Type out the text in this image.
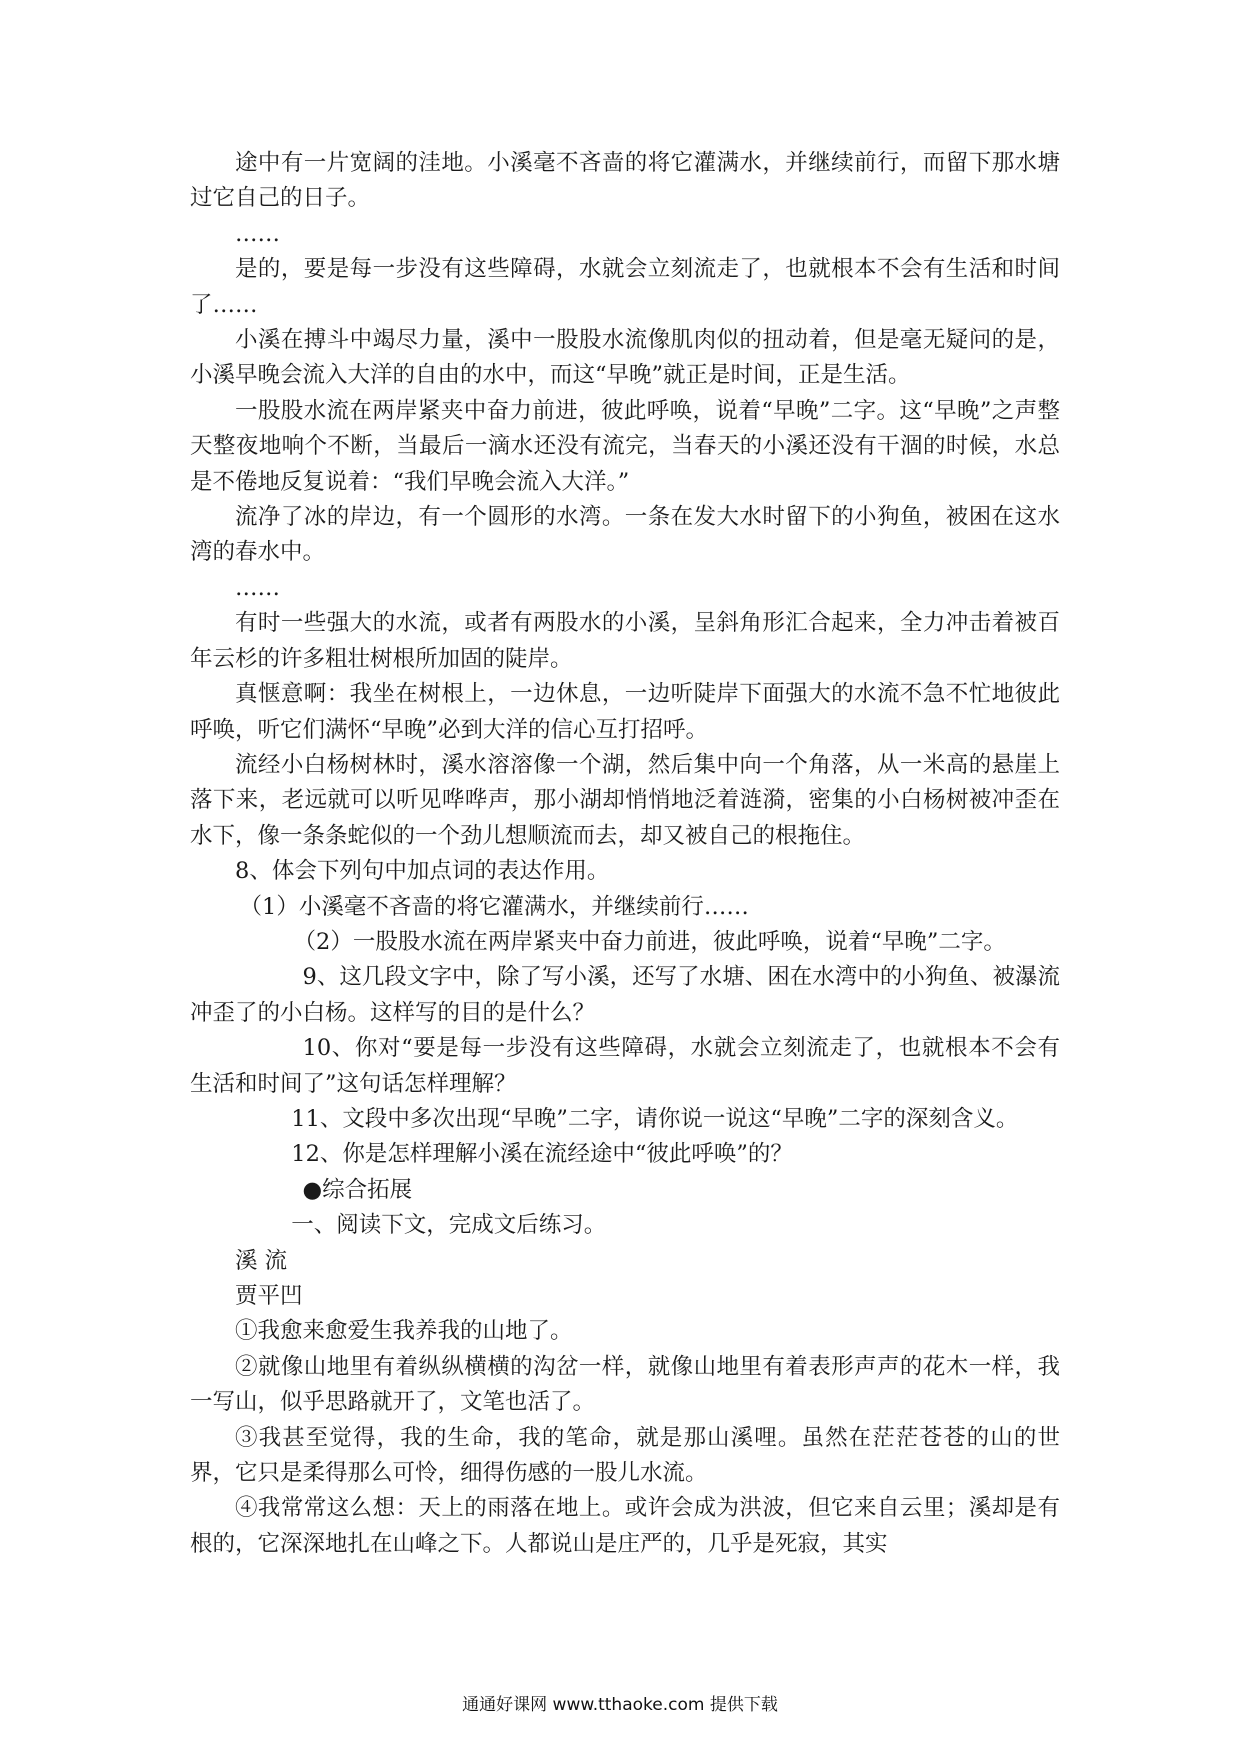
途中有一片宽阔的洼地。小溪毫不吝啬的将它灌满水，并继续前行，而留下那水塘过它自己的日子。

……

是的，要是每一步没有这些障碍，水就会立刻流走了，也就根本不会有生活和时间了……

小溪在搏斗中竭尽力量，溪中一股股水流像肌肉似的扭动着，但是毫无疑问的是，小溪早晚会流入大洋的自由的水中，而这“早晚”就正是时间，正是生活。

一股股水流在两岸紧夹中奋力前进，彼此呼唤，说着“早晚”二字。这“早晚”之声整天整夜地响个不断，当最后一滴水还没有流完，当春天的小溪还没有干涸的时候，水总是不倦地反复说着：“我们早晚会流入大洋。”

流净了冰的岸边，有一个圆形的水湾。一条在发大水时留下的小狗鱼，被困在这水湾的春水中。

……

有时一些强大的水流，或者有两股水的小溪，呈斜角形汇合起来，全力冲击着被百年云杉的许多粗壮树根所加固的陡岸。

真惬意啊：我坐在树根上，一边休息，一边听陡岸下面强大的水流不急不忙地彼此呼唤，听它们满怀“早晚”必到大洋的信心互打招呼。

流经小白杨树林时，溪水溶溶像一个湖，然后集中向一个角落，从一米高的悬崖上落下来，老远就可以听见哗哗声，那小湖却悄悄地泛着涟漪，密集的小白杨树被冲歪在水下，像一条条蛇似的一个劲儿想顺流而去，却又被自己的根拖住。

8、体会下列句中加点词的表达作用。

（1）小溪毫不吝啬的将它灌满水，并继续前行……

（2）一股股水流在两岸紧夹中奋力前进，彼此呼唤，说着“早晚”二字。

9、这几段文字中，除了写小溪，还写了水塘、困在水湾中的小狗鱼、被瀑流冲歪了的小白杨。这样写的目的是什么？

10、你对“要是每一步没有这些障碍，水就会立刻流走了，也就根本不会有生活和时间了”这句话怎样理解？

11、文段中多次出现“早晚”二字，请你说一说这“早晚”二字的深刻含义。

12、你是怎样理解小溪在流经途中“彼此呼唤”的？

●综合拓展

一、阅读下文，完成文后练习。

溪 流

贾平凹

①我愈来愈爱生我养我的山地了。

②就像山地里有着纵纵横横的沟岔一样，就像山地里有着表形声声的花木一样，我一写山，似乎思路就开了，文笔也活了。

③我甚至觉得，我的生命，我的笔命，就是那山溪哩。虽然在茫茫苍苍的山的世界，它只是柔得那么可怜，细得伤感的一股儿水流。

④我常常这么想：天上的雨落在地上。或许会成为洪波，但它来自云里；溪却是有根的，它深深地扎在山峰之下。人都说山是庄严的，几乎是死寂，其实

通通好课网 www.tthaoke.com 提供下载
